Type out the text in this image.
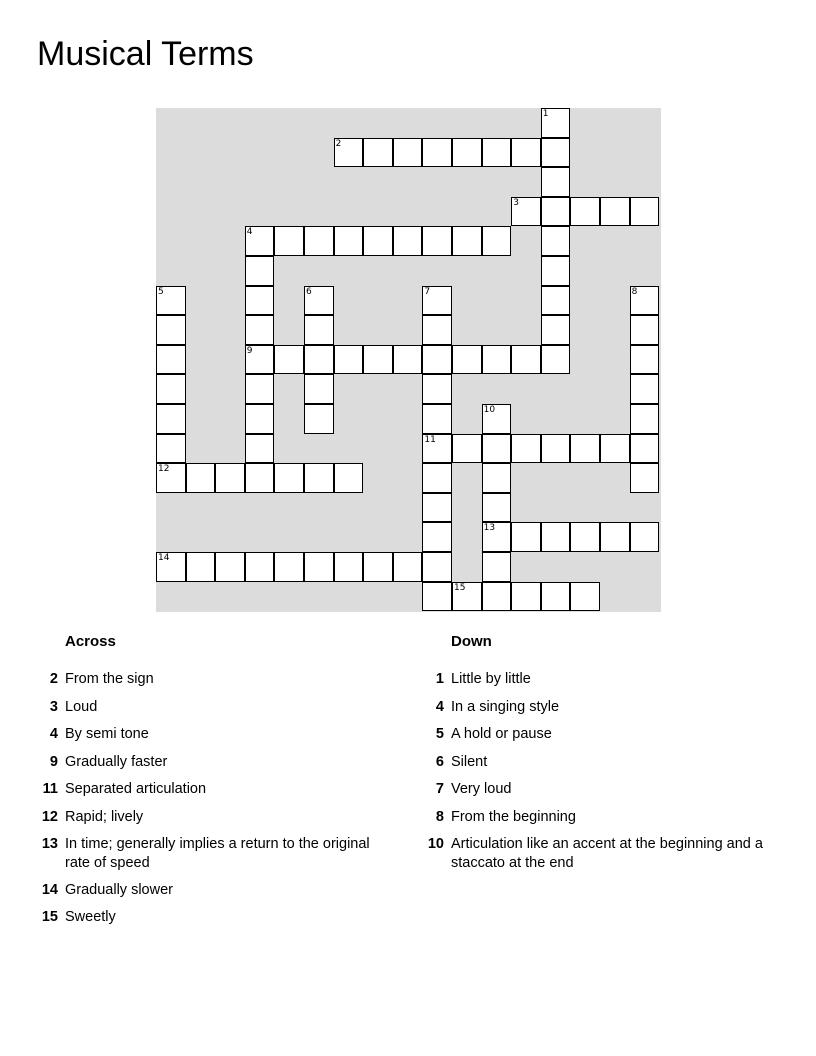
Musical Terms
1
2
3
4
9
5
12
6	7
11
8
10
13
14
15
Across
2 From the sign
3 Loud
4 By semi tone
9 Gradually faster
11 Separated articulation
12 Rapid; lively
13 In time; generally implies a return to the original rate of speed
14 Gradually slower
15 Sweetly
Down
1 Little by little
4 In a singing style
5 A hold or pause
6 Silent
7 Very loud
8 From the beginning
10 Articulation like an accent at the beginning and a staccato at the end
